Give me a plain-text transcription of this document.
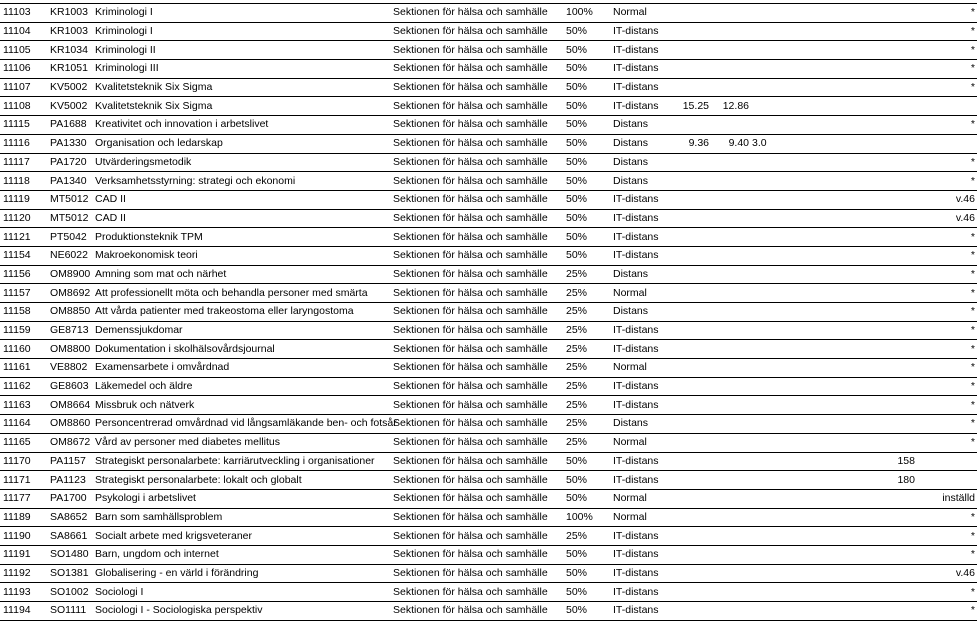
11103	KR1003	Kriminologi I	Sektionen för hälsa och samhälle	100%	Normal					*
11104	KR1003	Kriminologi I	Sektionen för hälsa och samhälle	50%	IT-distans					*
11105	KR1034	Kriminologi II	Sektionen för hälsa och samhälle	50%	IT-distans					*
11106	KR1051	Kriminologi III	Sektionen för hälsa och samhälle	50%	IT-distans					*
11107	KV5002	Kvalitetsteknik Six Sigma	Sektionen för hälsa och samhälle	50%	IT-distans					*
11108	KV5002	Kvalitetsteknik Six Sigma	Sektionen för hälsa och samhälle	50%	IT-distans	15.25	12.86			
11115	PA1688	Kreativitet och innovation i arbetslivet	Sektionen för hälsa och samhälle	50%	Distans					*
11116	PA1330	Organisation och ledarskap	Sektionen för hälsa och samhälle	50%	Distans	9.36	9.40	3.0		
11117	PA1720	Utvärderingsmetodik	Sektionen för hälsa och samhälle	50%	Distans					*
11118	PA1340	Verksamhetsstyrning: strategi och ekonomi	Sektionen för hälsa och samhälle	50%	Distans					*
11119	MT5012	CAD II	Sektionen för hälsa och samhälle	50%	IT-distans					v.46
11120	MT5012	CAD II	Sektionen för hälsa och samhälle	50%	IT-distans					v.46
11121	PT5042	Produktionsteknik TPM	Sektionen för hälsa och samhälle	50%	IT-distans					*
11154	NE6022	Makroekonomisk teori	Sektionen för hälsa och samhälle	50%	IT-distans					*
11156	OM8900	Amning som mat och närhet	Sektionen för hälsa och samhälle	25%	Distans					*
11157	OM8692	Att professionellt möta och behandla personer med smärta	Sektionen för hälsa och samhälle	25%	Normal					*
11158	OM8850	Att vårda patienter med trakeostoma eller laryngostoma	Sektionen för hälsa och samhälle	25%	Distans					*
11159	GE8713	Demenssjukdomar	Sektionen för hälsa och samhälle	25%	IT-distans					*
11160	OM8800	Dokumentation i skolhälsovårdsjournal	Sektionen för hälsa och samhälle	25%	IT-distans					*
11161	VE8802	Examensarbete i omvårdnad	Sektionen för hälsa och samhälle	25%	Normal					*
11162	GE8603	Läkemedel och äldre	Sektionen för hälsa och samhälle	25%	IT-distans					*
11163	OM8664	Missbruk och nätverk	Sektionen för hälsa och samhälle	25%	IT-distans					*
11164	OM8860	Personcentrerad omvårdnad vid långsamläkande ben- och fotsår	Sektionen för hälsa och samhälle	25%	Distans					*
11165	OM8672	Vård av personer med diabetes mellitus	Sektionen för hälsa och samhälle	25%	Normal					*
11170	PA1157	Strategiskt personalarbete: karriärutveckling i organisationer	Sektionen för hälsa och samhälle	50%	IT-distans				158	
11171	PA1123	Strategiskt personalarbete: lokalt och globalt	Sektionen för hälsa och samhälle	50%	IT-distans				180	
11177	PA1700	Psykologi i arbetslivet	Sektionen för hälsa och samhälle	50%	Normal					inställd
11189	SA8652	Barn som samhällsproblem	Sektionen för hälsa och samhälle	100%	Normal					*
11190	SA8661	Socialt arbete med krigsveteraner	Sektionen för hälsa och samhälle	25%	IT-distans					*
11191	SO1480	Barn, ungdom och internet	Sektionen för hälsa och samhälle	50%	IT-distans					*
11192	SO1381	Globalisering - en värld i förändring	Sektionen för hälsa och samhälle	50%	IT-distans					v.46
11193	SO1002	Sociologi I	Sektionen för hälsa och samhälle	50%	IT-distans					*
11194	SO1111	Sociologi I - Sociologiska perspektiv	Sektionen för hälsa och samhälle	50%	IT-distans					*
